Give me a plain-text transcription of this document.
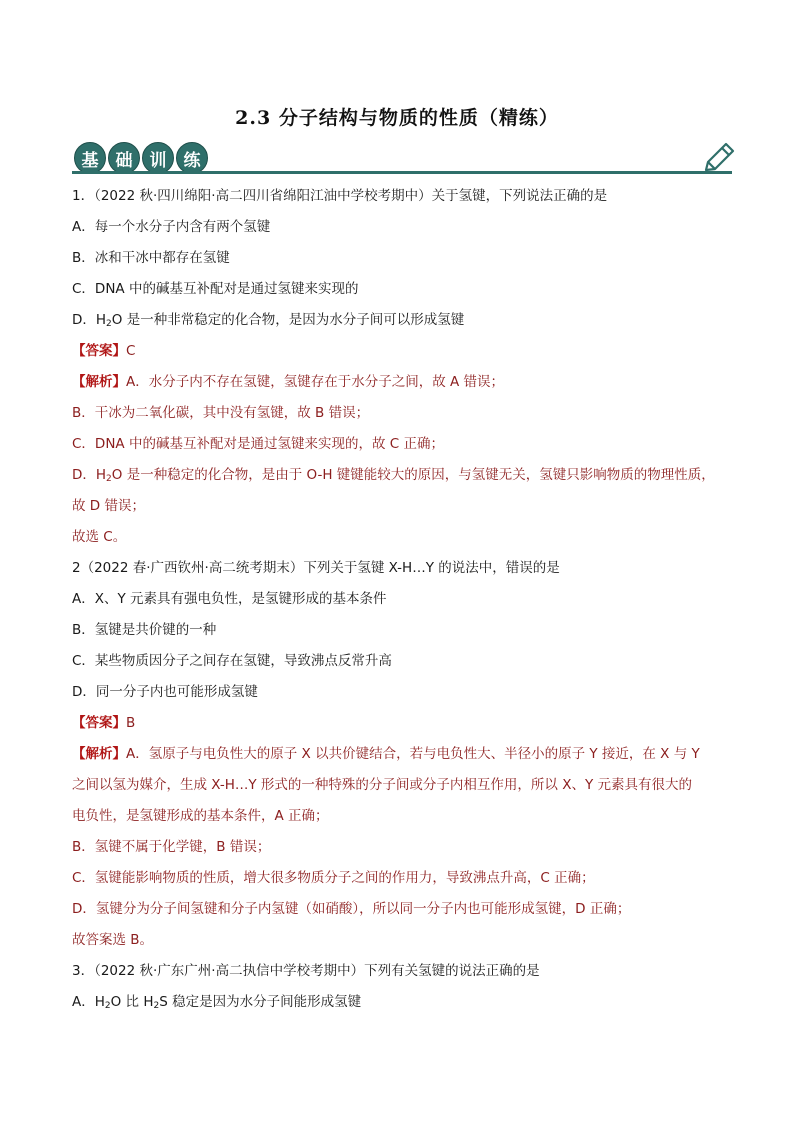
2.3 分子结构与物质的性质（精练）
基	础	训	练
1．（2022 秋·四川绵阳·高二四川省绵阳江油中学校考期中）关于氢键，下列说法正确的是
A．每一个水分子内含有两个氢键
B．冰和干冰中都存在氢键
C．DNA 中的碱基互补配对是通过氢键来实现的
D．$H_2O$ 是一种非常稳定的化合物，是因为水分子间可以形成氢键
【答案】C
【解析】A．水分子内不存在氢键，氢键存在于水分子之间，故 A 错误；
B．干冰为二氧化碳，其中没有氢键，故 B 错误；
C．DNA 中的碱基互补配对是通过氢键来实现的，故 C 正确；
D．$H_2O$ 是一种稳定的化合物，是由于 O-H 键键能较大的原因，与氢键无关，氢键只影响物质的物理性质，
故 D 错误；
故选 C。
2（2022 春·广西钦州·高二统考期末）下列关于氢键 X-H…Y 的说法中，错误的是
A．X、Y 元素具有强电负性，是氢键形成的基本条件
B．氢键是共价键的一种
C．某些物质因分子之间存在氢键，导致沸点反常升高
D．同一分子内也可能形成氢键
【答案】B
【解析】A．氢原子与电负性大的原子 X 以共价键结合，若与电负性大、半径小的原子 Y 接近，在 X 与 Y
之间以氢为媒介，生成 X-H…Y 形式的一种特殊的分子间或分子内相互作用，所以 X、Y 元素具有很大的
电负性，是氢键形成的基本条件，A 正确；
B．氢键不属于化学键，B 错误；
C．氢键能影响物质的性质，增大很多物质分子之间的作用力，导致沸点升高，C 正确；
D．氢键分为分子间氢键和分子内氢键（如硝酸），所以同一分子内也可能形成氢键，D 正确；
故答案选 B。
3．（2022 秋·广东广州·高二执信中学校考期中）下列有关氢键的说法正确的是
A．$H_2O$ 比 $H_2S$ 稳定是因为水分子间能形成氢键
